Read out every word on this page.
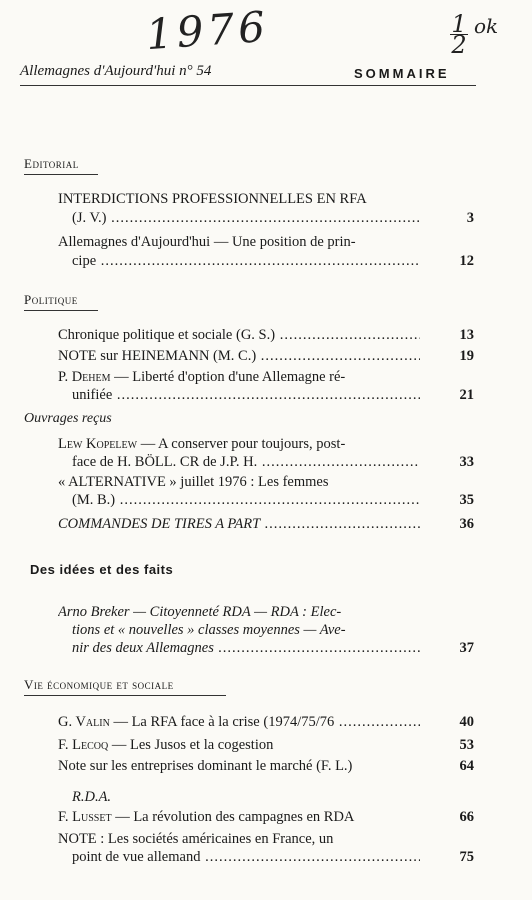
1976	$\frac{1}{2} ^{ok}$
Allemagnes d'Aujourd'hui n° 54	SOMMAIRE
Editorial
INTERDICTIONS PROFESSIONNELLES EN RFA
(J. V.) .....	3
Allemagnes d'Aujourd'hui — Une position de prin-
cipe .....	12
Politique
Chronique politique et sociale (G. S.) .....	13
NOTE sur HEINEMANN (M. C.) .....	19
P. Dehem — Liberté d'option d'une Allemagne ré-
unifiée .....	21
Ouvrages reçus
Lew Kopelew — A conserver pour toujours, post-
face de H. BÖLL. CR de J.P. H. .....	33
« ALTERNATIVE » juillet 1976 : Les femmes
(M. B.) .....	35
COMMANDES DE TIRES A PART .....	36
Des idées et des faits
Arno Breker — Citoyenneté RDA — RDA : Elec-
tions et « nouvelles » classes moyennes — Ave-
nir des deux Allemagnes .....	37
Vie économique et sociale
G. Valin — La RFA face à la crise (1974/75/76 .....	40
F. Lecoq — Les Jusos et la cogestion	53
Note sur les entreprises dominant le marché (F. L.)	64
R.D.A.
F. Lusset — La révolution des campagnes en RDA	66
NOTE : Les sociétés américaines en France, un
point de vue allemand .....	75
